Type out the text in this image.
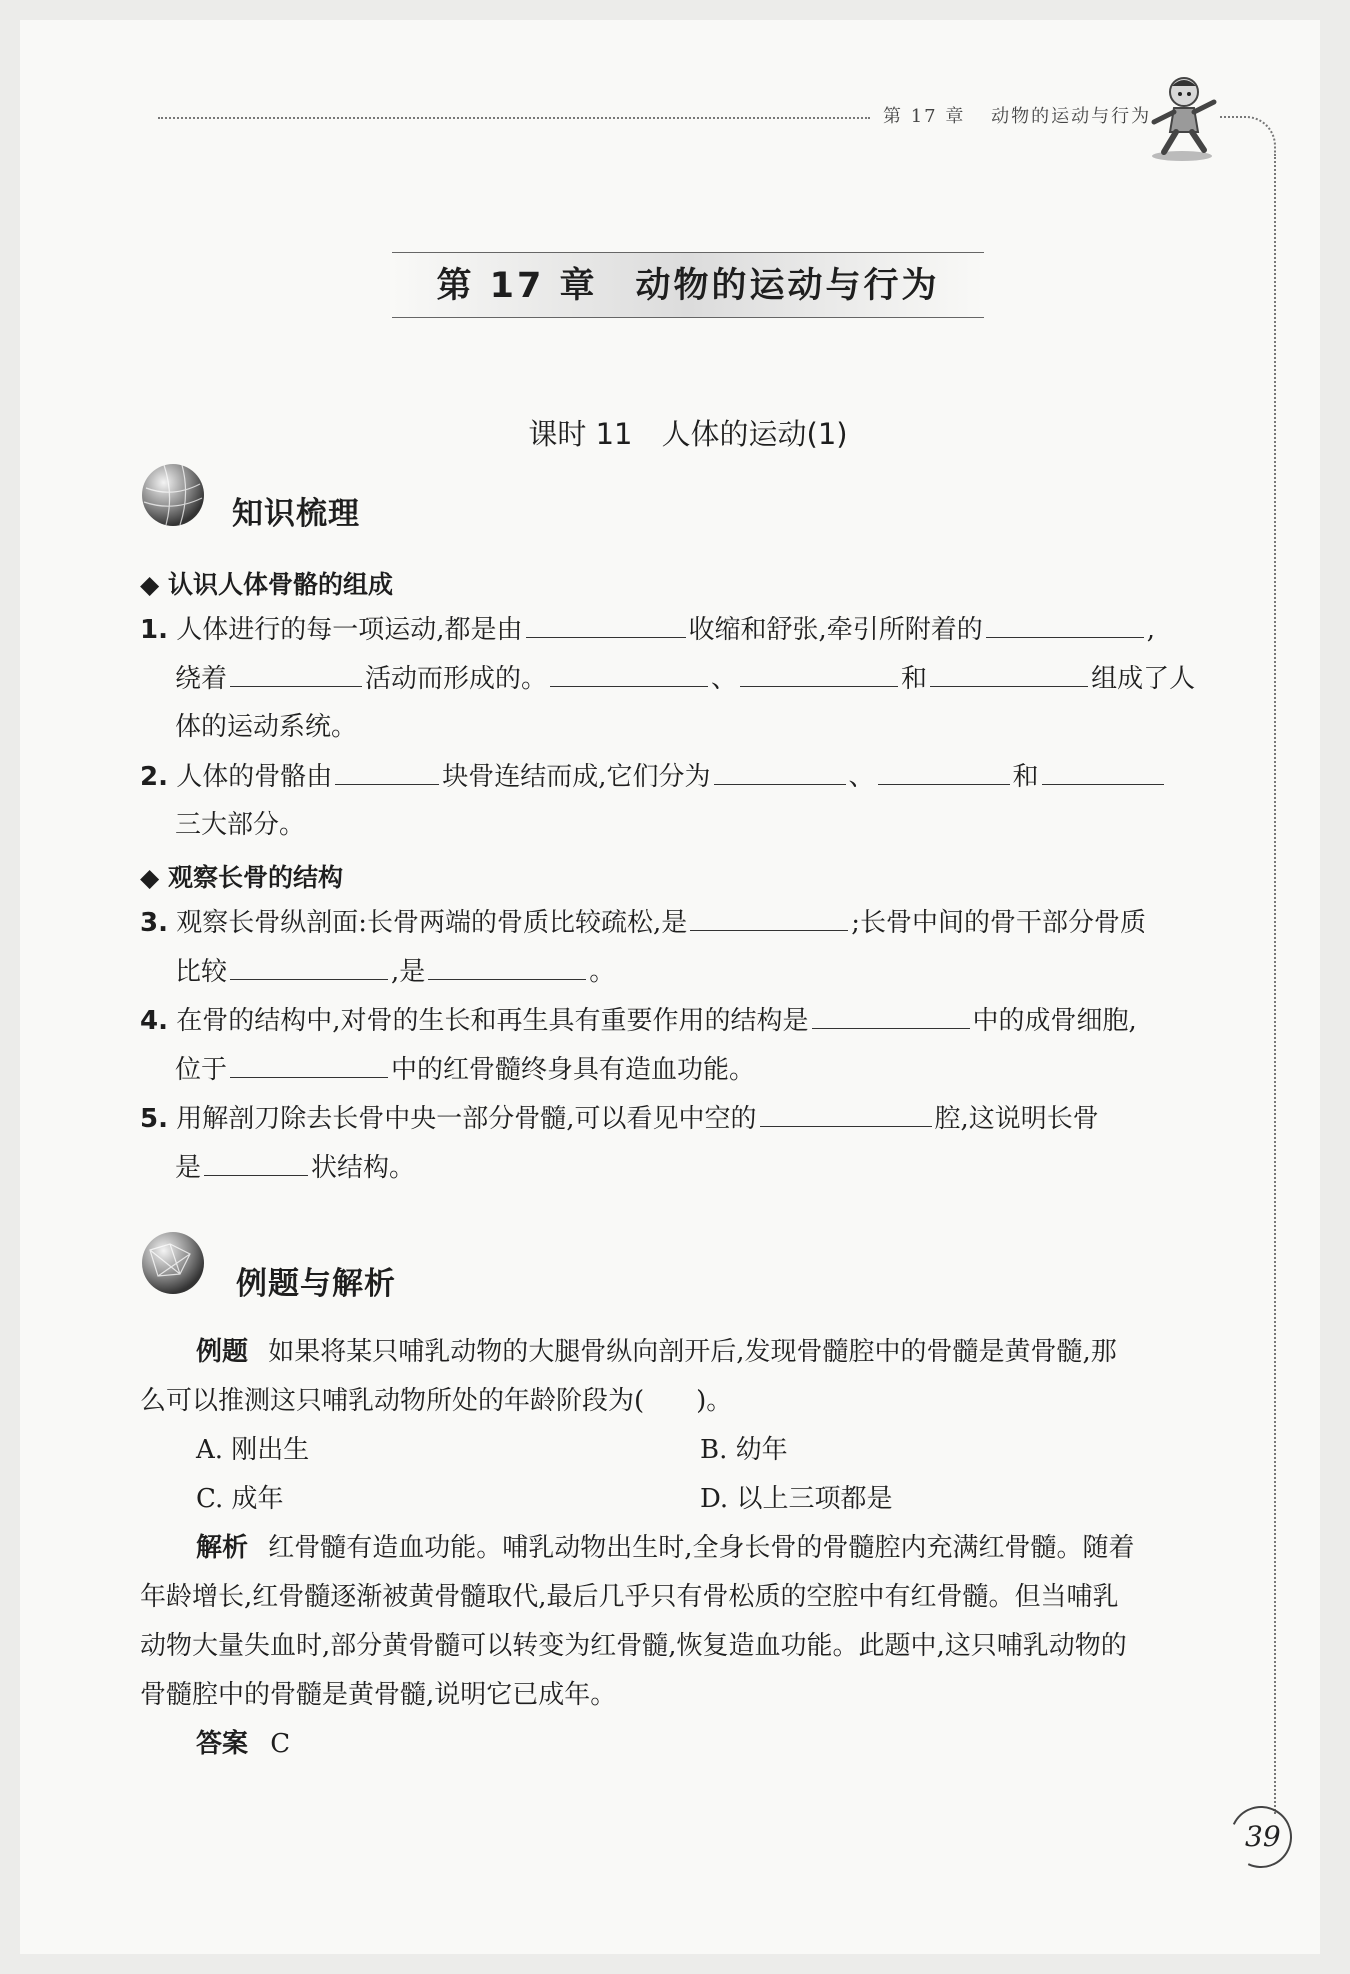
第 17 章 动物的运动与行为
第 17 章　动物的运动与行为
课时 11　人体的运动(1)
知识梳理
◆ 认识人体骨骼的组成
1. 人体进行的每一项运动,都是由	收缩和舒张,牵引所附着的	,
绕着	活动而形成的。	、	和	组成了人
体的运动系统。
2. 人体的骨骼由	块骨连结而成,它们分为	、	和
三大部分。
◆ 观察长骨的结构
3. 观察长骨纵剖面:长骨两端的骨质比较疏松,是	;长骨中间的骨干部分骨质
比较	,是	。
4. 在骨的结构中,对骨的生长和再生具有重要作用的结构是	中的成骨细胞,
位于	中的红骨髓终身具有造血功能。
5. 用解剖刀除去长骨中央一部分骨髓,可以看见中空的	腔,这说明长骨
是	状结构。
例题与解析
例题 如果将某只哺乳动物的大腿骨纵向剖开后,发现骨髓腔中的骨髓是黄骨髓,那
么可以推测这只哺乳动物所处的年龄阶段为(　　)。
A. 刚出生	B. 幼年
C. 成年	D. 以上三项都是
解析 红骨髓有造血功能。哺乳动物出生时,全身长骨的骨髓腔内充满红骨髓。随着
年龄增长,红骨髓逐渐被黄骨髓取代,最后几乎只有骨松质的空腔中有红骨髓。但当哺乳
动物大量失血时,部分黄骨髓可以转变为红骨髓,恢复造血功能。此题中,这只哺乳动物的
骨髓腔中的骨髓是黄骨髓,说明它已成年。
答案 C
39
